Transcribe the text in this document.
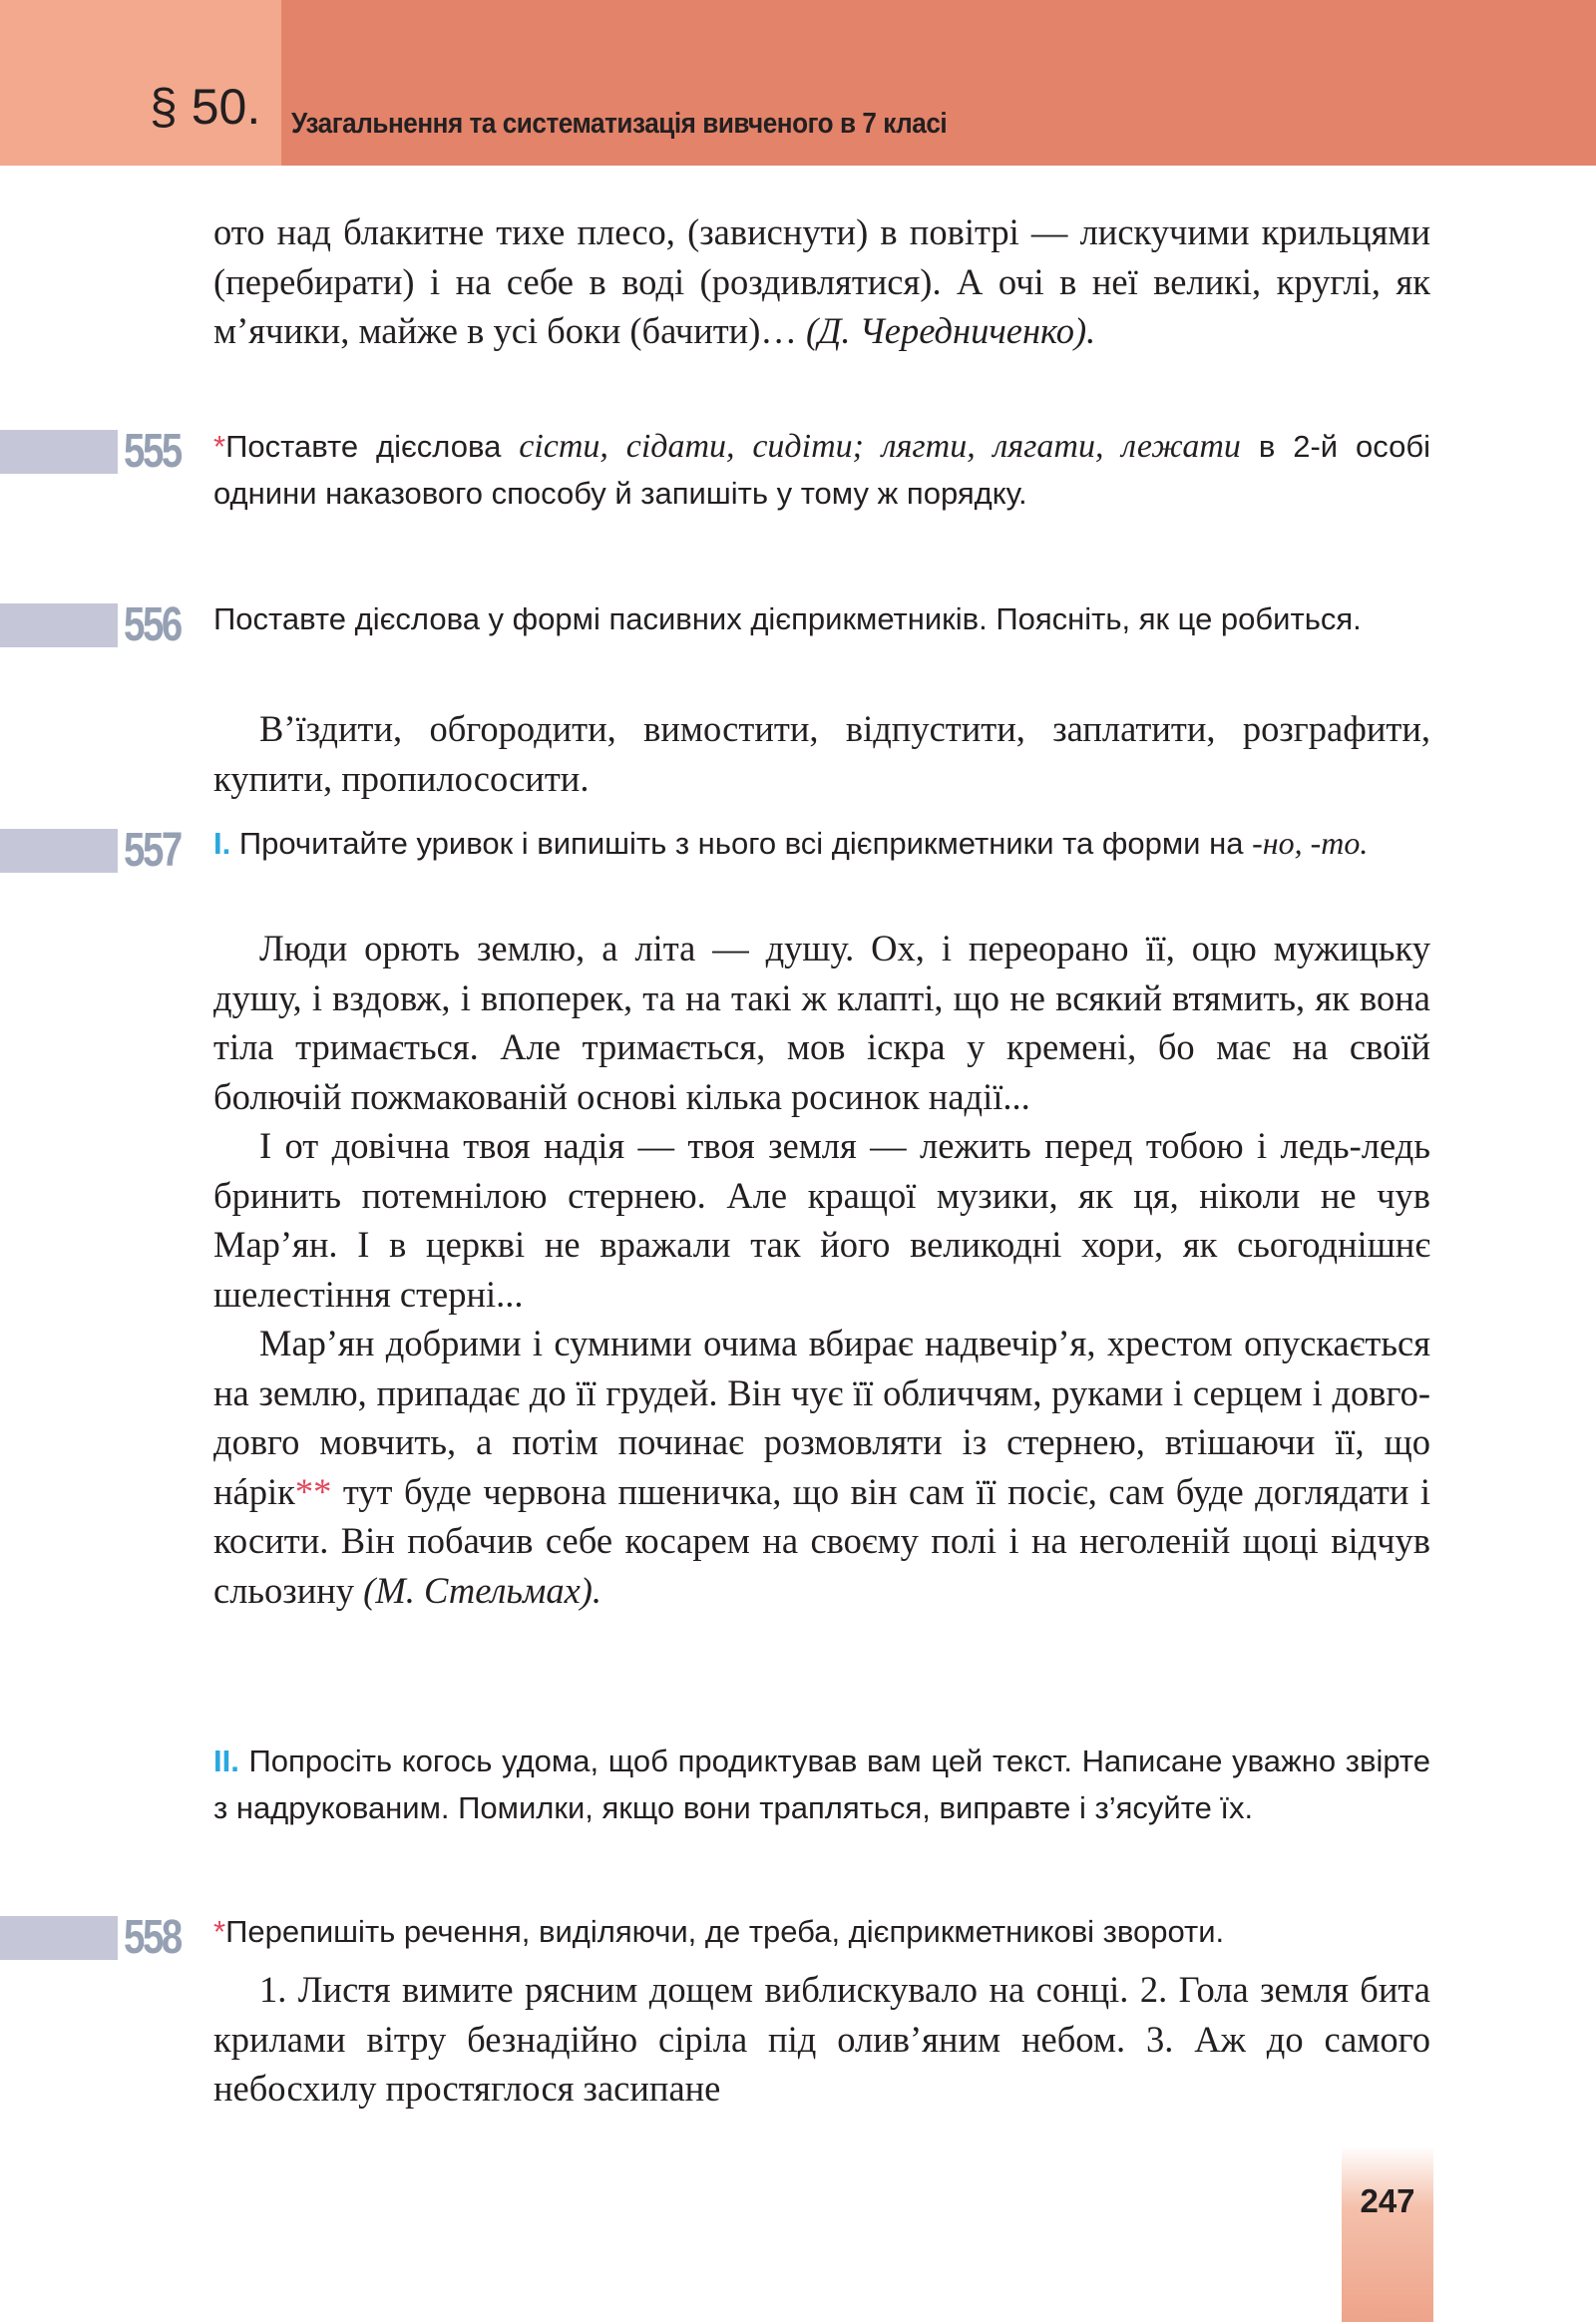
§ 50. Узагальнення та систематизація вивченого в 7 класі

ото над блакитне тихе плесо, (зависнути) в повітрі — лискучими крильцями (перебирати) і на себе в воді (роздивлятися). А очі в неї великі, круглі, як м’ячики, майже в усі боки (бачити)… (Д. Чередниченко).

555 *Поставте дієслова сісти, сідати, сидіти; лягти, лягати, лежати в 2-й особі однини наказового способу й запишіть у тому ж порядку.
556 Поставте дієслова у формі пасивних дієприкметників. Поясніть, як це робиться.

В’їздити, обгородити, вимостити, відпустити, заплатити, розграфити, купити, пропилососити.

557 I. Прочитайте уривок і випишіть з нього всі дієприкметники та форми на -но, -то.

Люди орють землю, а літа — душу. Ох, і переорано її, оцю мужицьку душу, і вздовж, і впоперек, та на такі ж клапті, що не всякий втямить, як вона тіла тримається. Але тримається, мов іскра у кремені, бо має на своїй болючій пожмакованій основі кілька росинок надії...

І от довічна твоя надія — твоя земля — лежить перед тобою і ледь-ледь бринить потемнілою стернею. Але кращої музики, як ця, ніколи не чув Мар’ян. І в церкві не вражали так його великодні хори, як сьогоднішнє шелестіння стерні...

Мар’ян добрими і сумними очима вбирає надвечір’я, хрестом опускається на землю, припадає до її грудей. Він чує її обличчям, руками і серцем і довго-довго мовчить, а потім починає розмовляти із стернею, втішаючи її, що нáрік** тут буде червона пшеничка, що він сам її посіє, сам буде доглядати і косити. Він побачив себе косарем на своєму полі і на неголеній щоці відчув сльозину (М. Стельмах).

II. Попросіть когось удома, щоб продиктував вам цей текст. Написане уважно звірте з надрукованим. Помилки, якщо вони трапляться, виправте і з’ясуйте їх.
558 *Перепишіть речення, виділяючи, де треба, дієприкметникові звороти.

1. Листя вимите рясним дощем виблискувало на сонці. 2. Гола земля бита крилами вітру безнадійно сіріла під олив’яним небом. 3. Аж до самого небосхилу простяглося засипане

247
